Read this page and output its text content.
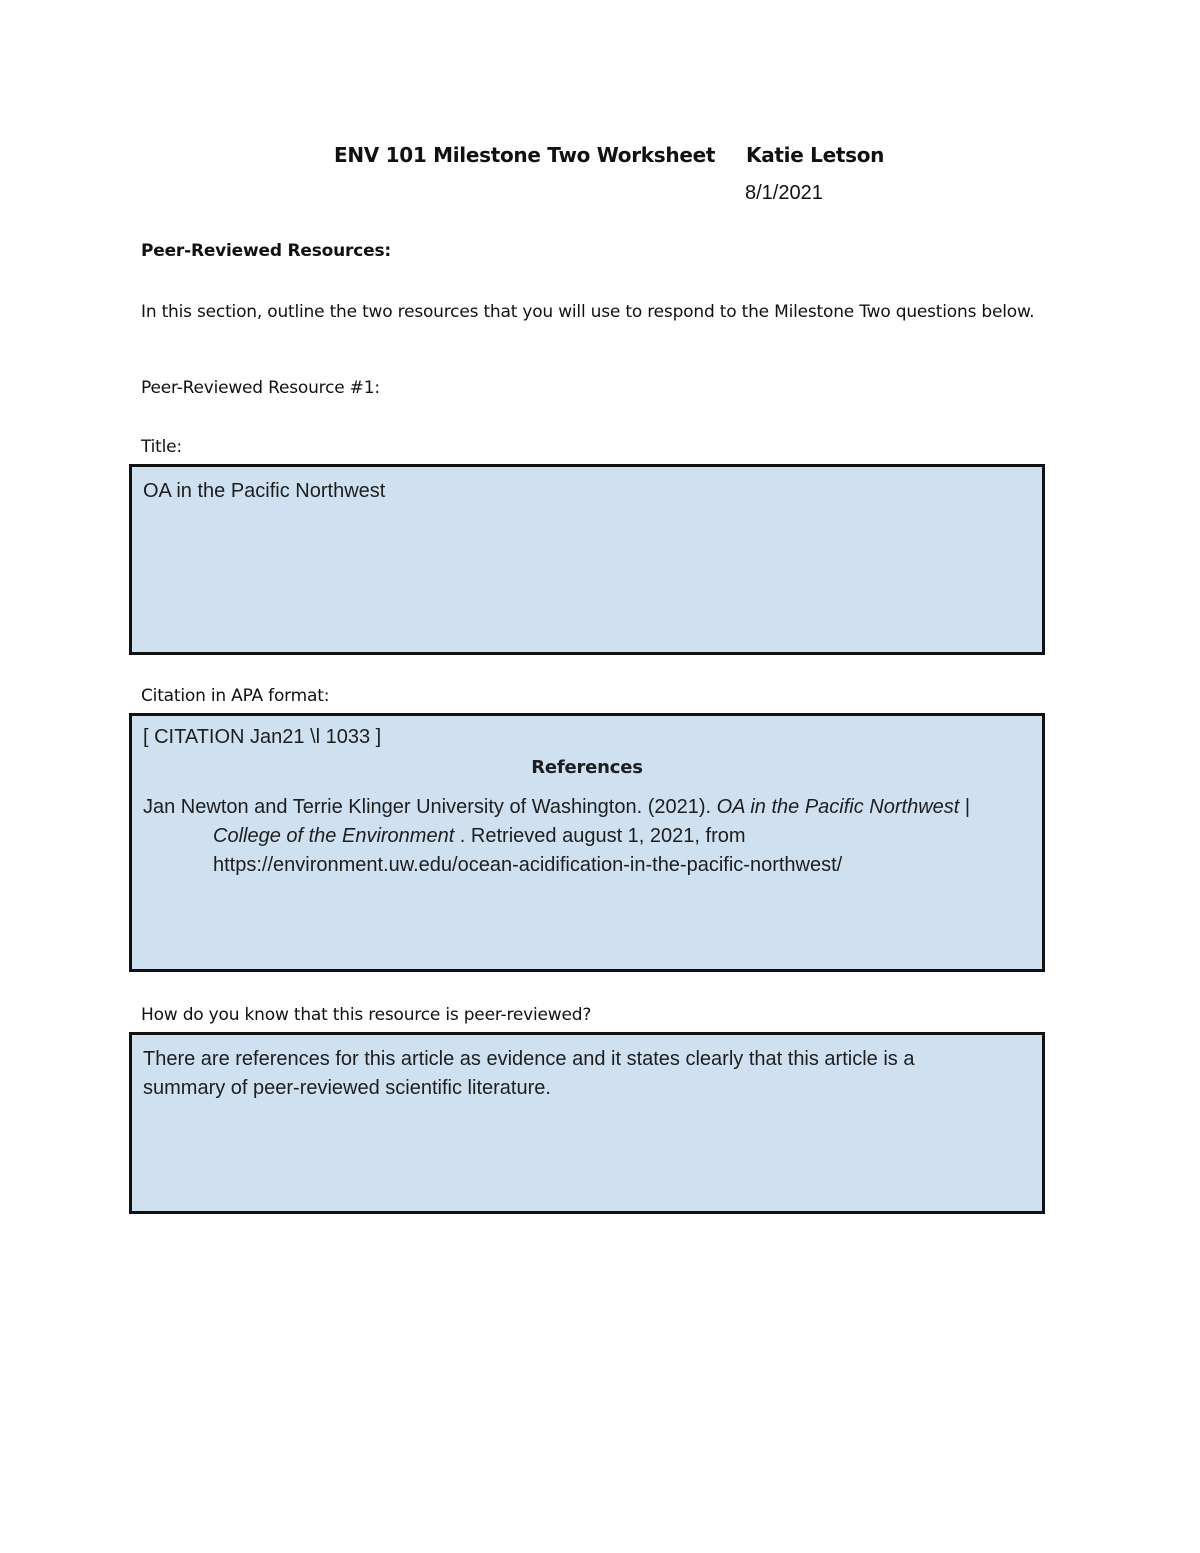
ENV 101 Milestone Two Worksheet Katie Letson
8/1/2021
Peer-Reviewed Resources:
In this section, outline the two resources that you will use to respond to the Milestone Two questions below.
Peer-Reviewed Resource #1:
Title:
OA in the Pacific Northwest
Citation in APA format:
[ CITATION Jan21 \l 1033 ]
References
Jan Newton and Terrie Klinger University of Washington. (2021). OA in the Pacific Northwest |
College of the Environment . Retrieved august 1, 2021, from
https://environment.uw.edu/ocean-acidification-in-the-pacific-northwest/
How do you know that this resource is peer-reviewed?
There are references for this article as evidence and it states clearly that this article is a
summary of peer-reviewed scientific literature.
